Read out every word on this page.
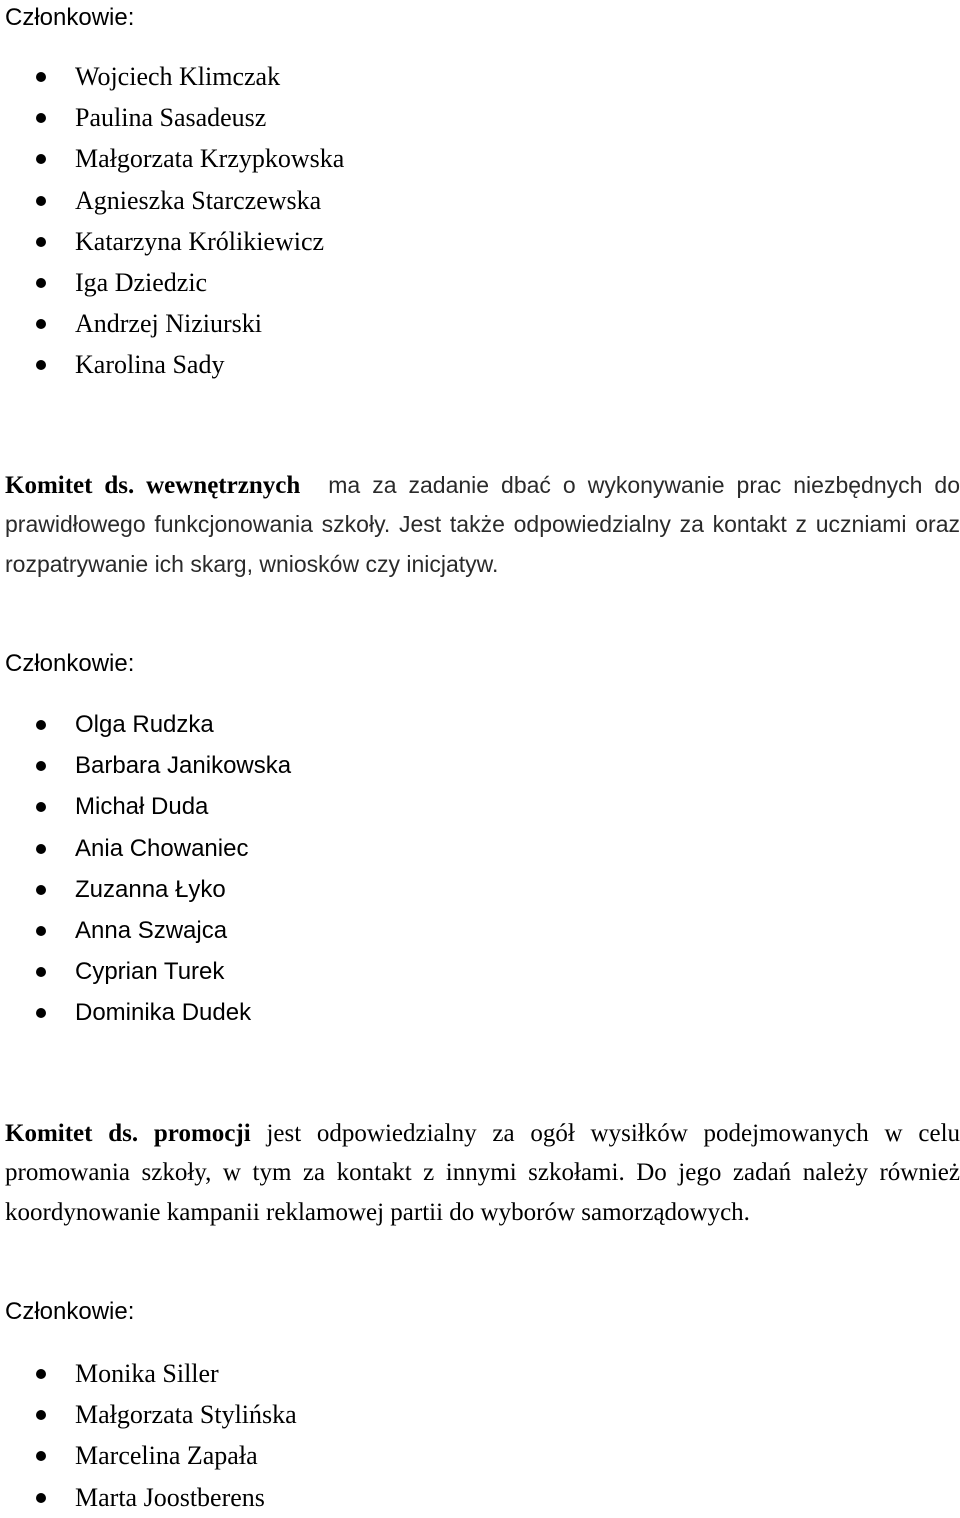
Członkowie:

Wojciech Klimczak
Paulina Sasadeusz
Małgorzata Krzypkowska
Agnieszka Starczewska
Katarzyna Królikiewicz
Iga Dziedzic
Andrzej Niziurski
Karolina Sady

Komitet ds. wewnętrznych ma za zadanie dbać o wykonywanie prac niezbędnych do prawidłowego funkcjonowania szkoły. Jest także odpowiedzialny za kontakt z uczniami oraz rozpatrywanie ich skarg, wniosków czy inicjatyw.

Członkowie:

Olga Rudzka
Barbara Janikowska
Michał Duda
Ania Chowaniec
Zuzanna Łyko
Anna Szwajca
Cyprian Turek
Dominika Dudek

Komitet ds. promocji jest odpowiedzialny za ogół wysiłków podejmowanych w celu promowania szkoły, w tym za kontakt z innymi szkołami. Do jego zadań należy również koordynowanie kampanii reklamowej partii do wyborów samorządowych.

Członkowie:

Monika Siller
Małgorzata Stylińska
Marcelina Zapała
Marta Joostberens
